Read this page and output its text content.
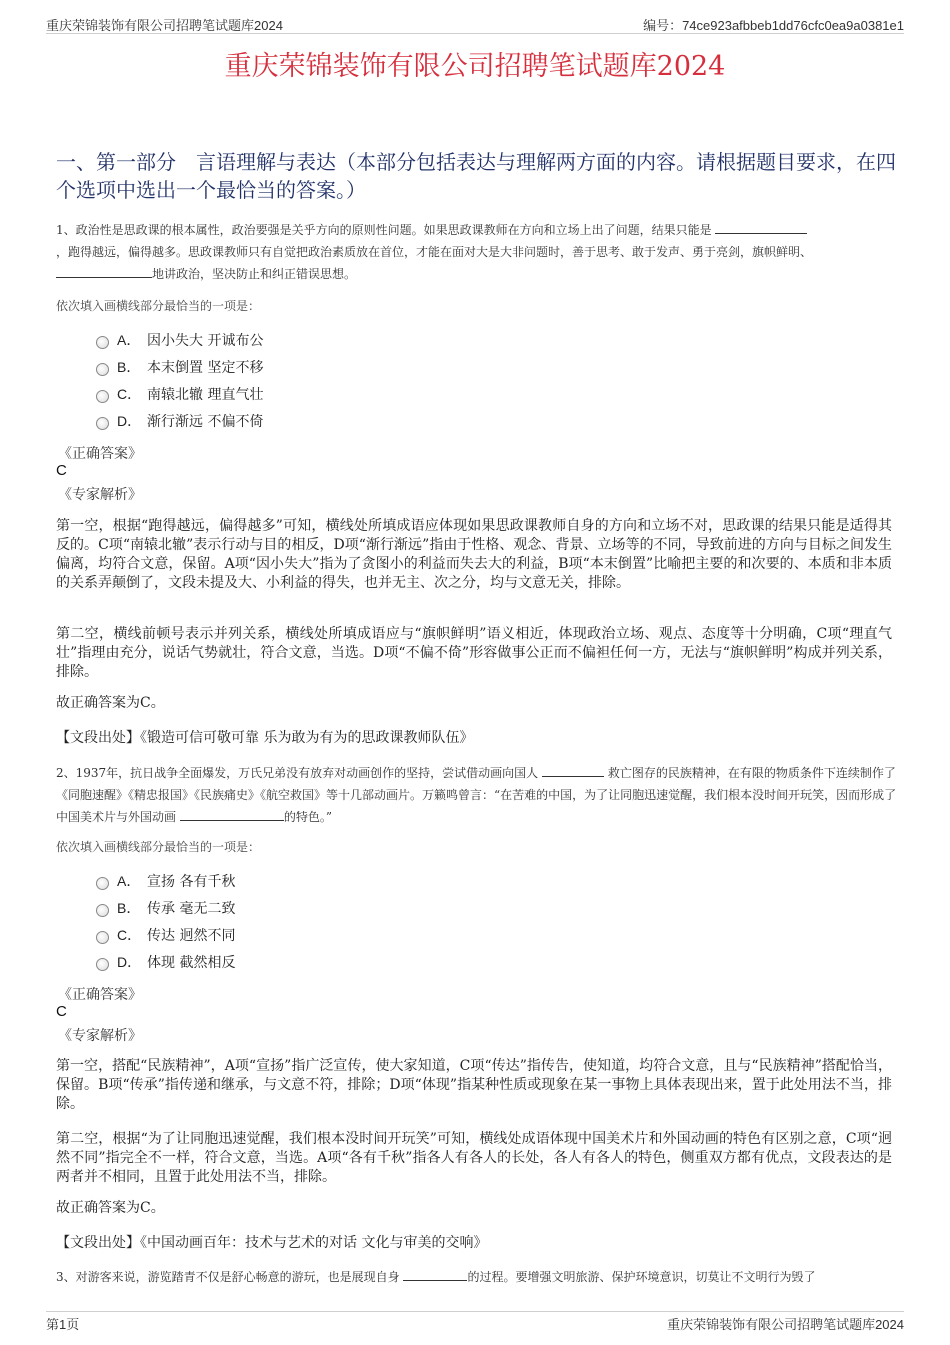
重庆荣锦装饰有限公司招聘笔试题库2024	编号：74ce923afbbeb1dd76cfc0ea9a0381e1
重庆荣锦装饰有限公司招聘笔试题库2024
一、第一部分　言语理解与表达（本部分包括表达与理解两方面的内容。请根据题目要求，在四个选项中选出一个最恰当的答案。）
1、政治性是思政课的根本属性，政治要强是关乎方向的原则性问题。如果思政课教师在方向和立场上出了问题，结果只能是
，跑得越远，偏得越多。思政课教师只有自觉把政治素质放在首位，才能在面对大是大非问题时，善于思考、敢于发声、勇于亮剑，旗帜鲜明、 地讲政治，坚决防止和纠正错误思想。
依次填入画横线部分最恰当的一项是：
A． 因小失大 开诚布公
B． 本末倒置 坚定不移
C． 南辕北辙 理直气壮
D． 渐行渐远 不偏不倚
《正确答案》
C
《专家解析》
第一空，根据“跑得越远，偏得越多”可知，横线处所填成语应体现如果思政课教师自身的方向和立场不对，思政课的结果只能是适得其反的。C项“南辕北辙”表示行动与目的相反，D项“渐行渐远”指由于性格、观念、背景、立场等的不同，导致前进的方向与目标之间发生偏离，均符合文意，保留。A项“因小失大”指为了贪图小的利益而失去大的利益，B项“本末倒置”比喻把主要的和次要的、本质和非本质的关系弄颠倒了，文段未提及大、小利益的得失，也并无主、次之分，均与文意无关，排除。
第二空，横线前顿号表示并列关系，横线处所填成语应与“旗帜鲜明”语义相近，体现政治立场、观点、态度等十分明确，C项“理直气壮”指理由充分，说话气势就壮，符合文意，当选。D项“不偏不倚”形容做事公正而不偏袒任何一方，无法与“旗帜鲜明”构成并列关系，排除。
故正确答案为C。
【文段出处】《锻造可信可敬可靠 乐为敢为有为的思政课教师队伍》
2、1937年，抗日战争全面爆发，万氏兄弟没有放弃对动画创作的坚持，尝试借动画向国人	救亡图存的民族精神，在有限的物质条件下连续制作了《同胞速醒》《精忠报国》《民族痛史》《航空救国》等十几部动画片。万籁鸣曾言：“在苦难的中国，为了让同胞迅速觉醒，我们根本没时间开玩笑，因而形成了中国美术片与外国动画	的特色。”
依次填入画横线部分最恰当的一项是：
A． 宣扬 各有千秋
B． 传承 毫无二致
C． 传达 迥然不同
D． 体现 截然相反
《正确答案》
C
《专家解析》
第一空，搭配“民族精神”，A项“宣扬”指广泛宣传，使大家知道，C项“传达”指传告，使知道，均符合文意，且与“民族精神”搭配恰当，保留。B项“传承”指传递和继承，与文意不符，排除；D项“体现”指某种性质或现象在某一事物上具体表现出来，置于此处用法不当，排除。
第二空，根据“为了让同胞迅速觉醒，我们根本没时间开玩笑”可知，横线处成语体现中国美术片和外国动画的特色有区别之意，C项“迥然不同”指完全不一样，符合文意，当选。A项“各有千秋”指各人有各人的长处，各人有各人的特色，侧重双方都有优点，文段表达的是两者并不相同，且置于此处用法不当，排除。
故正确答案为C。
【文段出处】《中国动画百年：技术与艺术的对话 文化与审美的交响》
3、对游客来说，游览踏青不仅是舒心畅意的游玩，也是展现自身	的过程。要增强文明旅游、保护环境意识，切莫让不文明行为毁了
第1页	重庆荣锦装饰有限公司招聘笔试题库2024
